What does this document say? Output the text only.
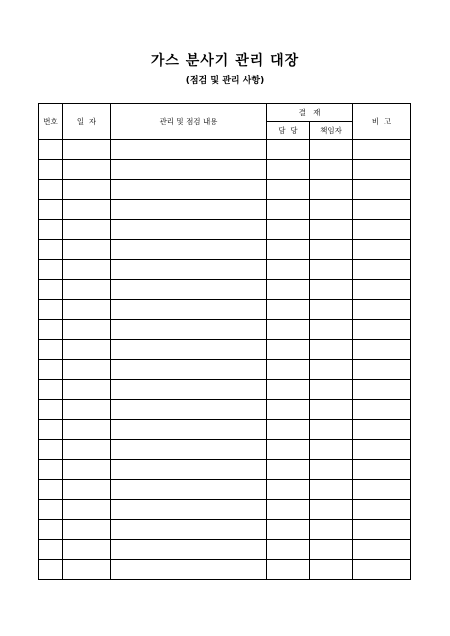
가스 분사기 관리 대장
(점검 및 관리 사항)
번호	일  자	관리 및 점검 내용	결   재		비  고
			담  당	책임자	
